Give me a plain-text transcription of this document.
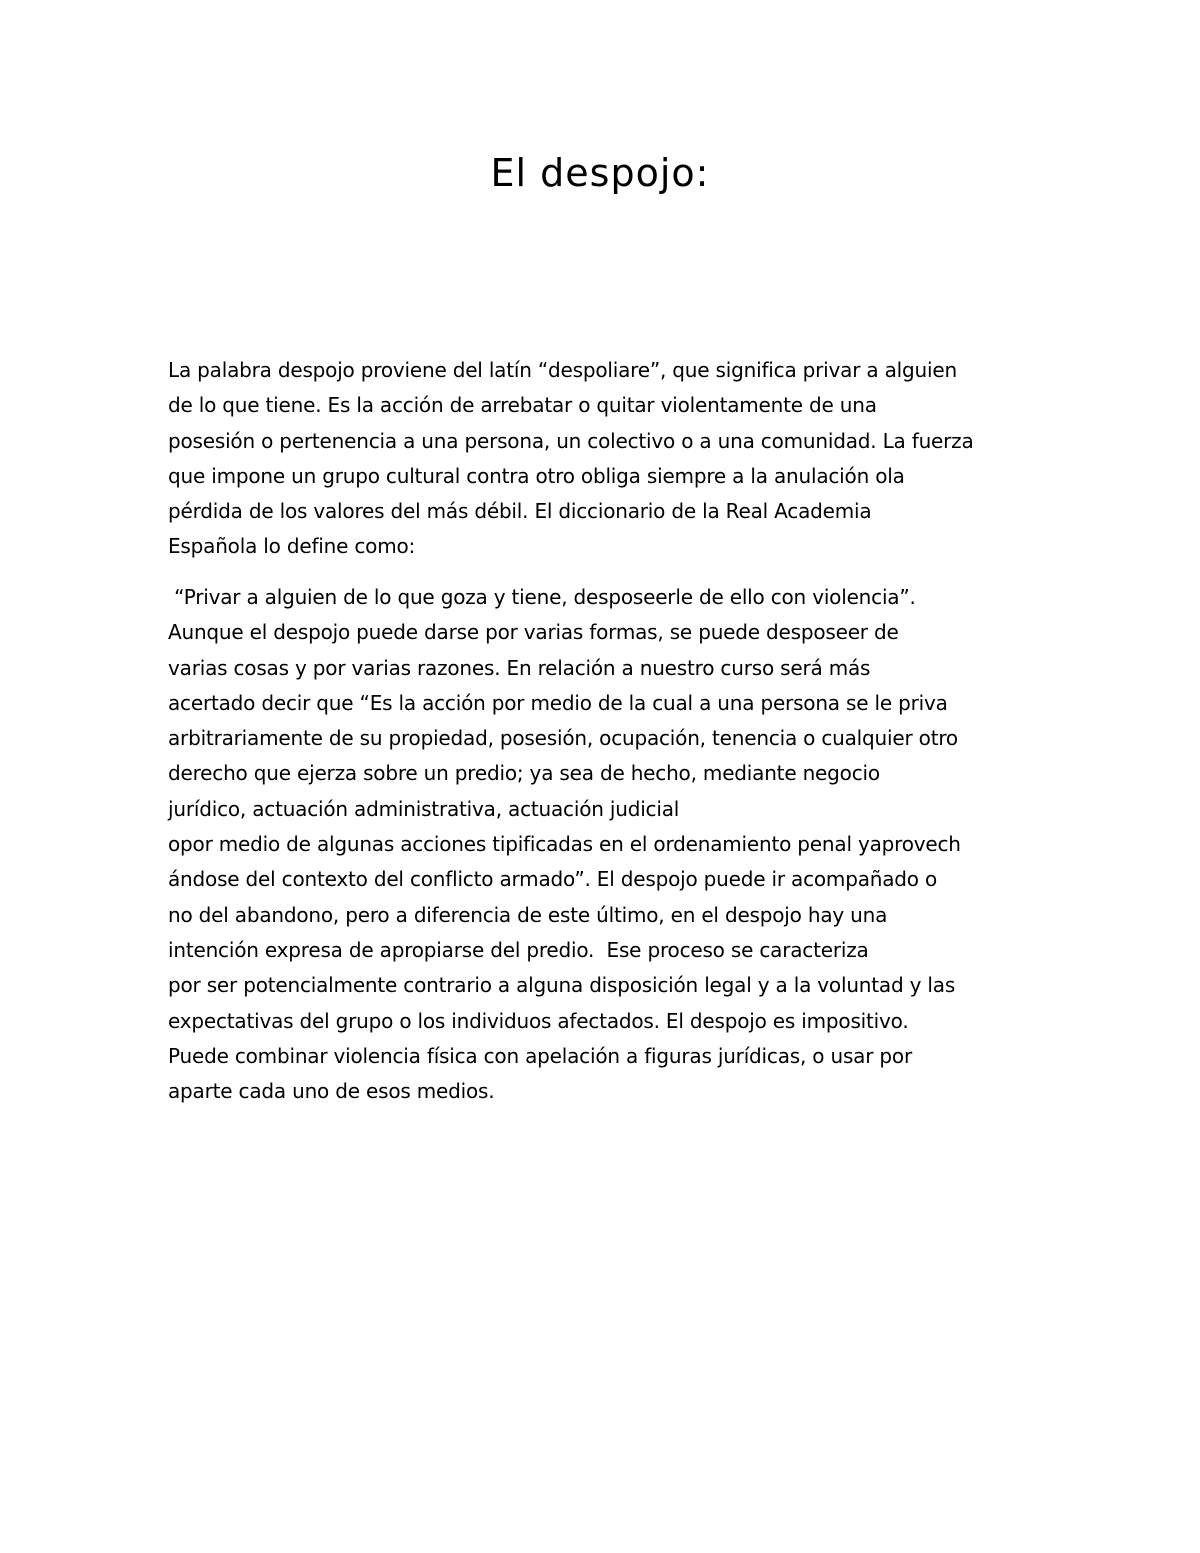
El despojo:
La palabra despojo proviene del latín “despoliare”, que significa privar a alguien
de lo que tiene. Es la acción de arrebatar o quitar violentamente de una
posesión o pertenencia a una persona, un colectivo o a una comunidad. La fuerza
que impone un grupo cultural contra otro obliga siempre a la anulación ola
pérdida de los valores del más débil. El diccionario de la Real Academia
Española lo define como:
“Privar a alguien de lo que goza y tiene, desposeerle de ello con violencia”.
Aunque el despojo puede darse por varias formas, se puede desposeer de
varias cosas y por varias razones. En relación a nuestro curso será más
acertado decir que “Es la acción por medio de la cual a una persona se le priva
arbitrariamente de su propiedad, posesión, ocupación, tenencia o cualquier otro
derecho que ejerza sobre un predio; ya sea de hecho, mediante negocio
jurídico, actuación administrativa, actuación judicial
opor medio de algunas acciones tipificadas en el ordenamiento penal yaprovech
ándose del contexto del conflicto armado”. El despojo puede ir acompañado o
no del abandono, pero a diferencia de este último, en el despojo hay una
intención expresa de apropiarse del predio.  Ese proceso se caracteriza
por ser potencialmente contrario a alguna disposición legal y a la voluntad y las
expectativas del grupo o los individuos afectados. El despojo es impositivo.
Puede combinar violencia física con apelación a figuras jurídicas, o usar por
aparte cada uno de esos medios.
